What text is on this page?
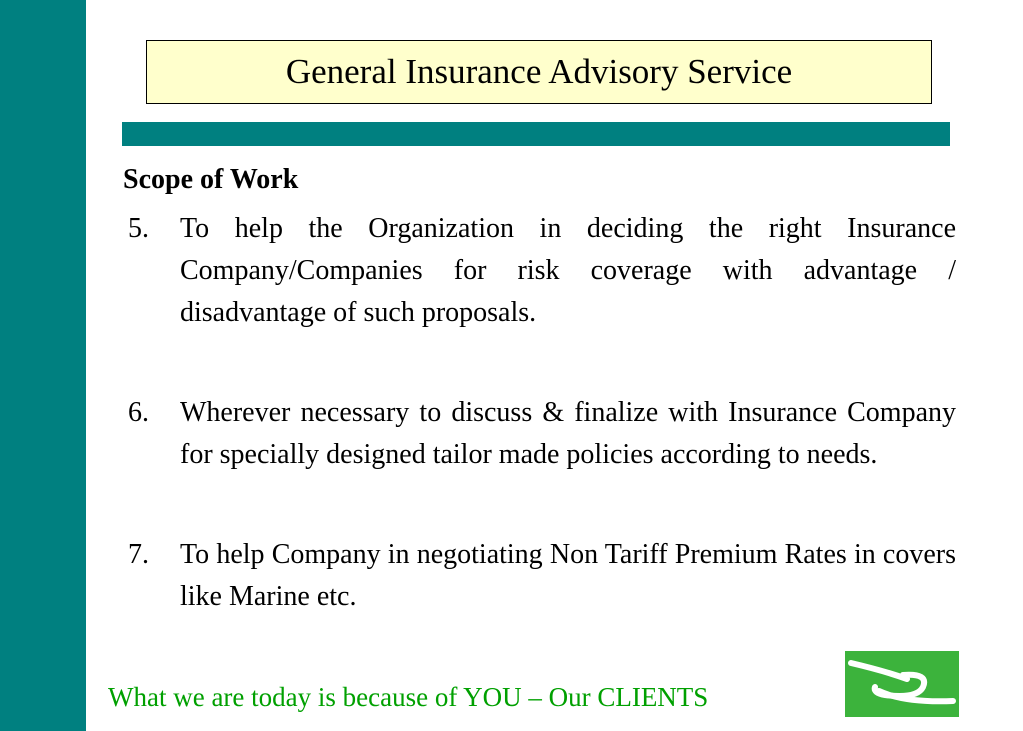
General Insurance Advisory Service
Scope of Work
5.	To help the Organization in deciding the right Insurance Company/Companies for risk coverage with advantage / disadvantage of such proposals.
6.	Wherever necessary to discuss & finalize with Insurance Company for specially designed tailor made policies according to needs.
7.	To help Company in negotiating Non Tariff Premium Rates in covers like Marine etc.
What we are today is because of YOU – Our CLIENTS
